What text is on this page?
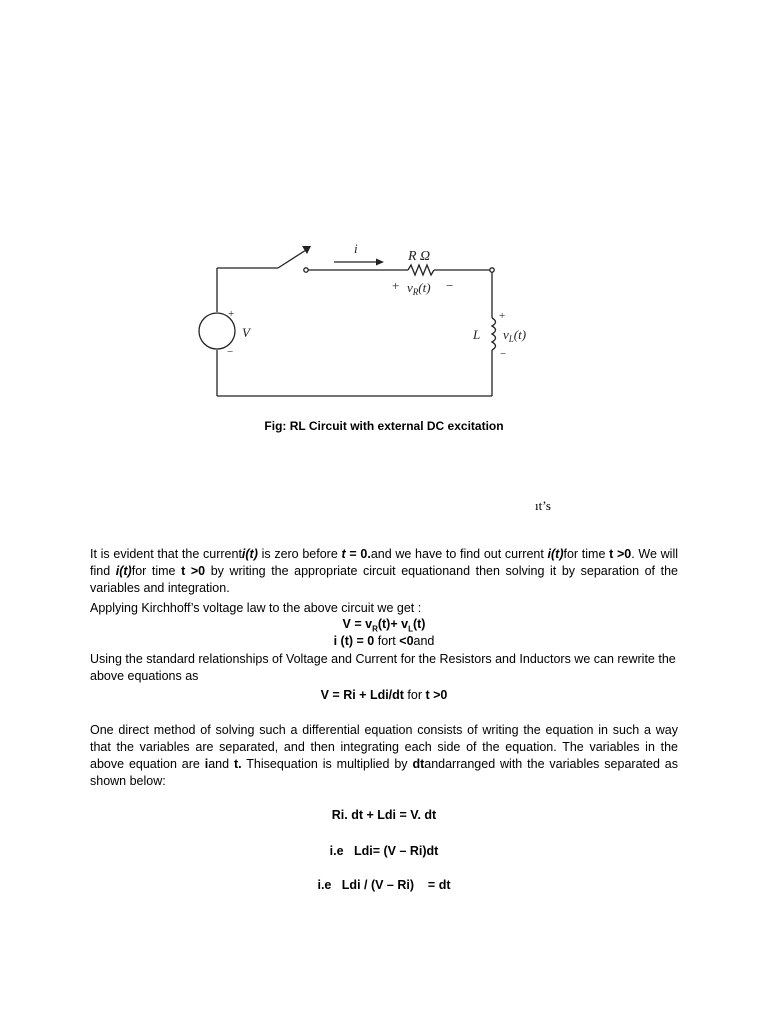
i
R Ω
+ $v_R(t)$ −
+
V
−
L
+
$v_L(t)$
−
Fig: RL Circuit with external DC excitation
ıt’s
It is evident that the currenti(t) is zero before t = 0.and we have to find out current i(t)for time t >0. We will find i(t)for time t >0 by writing the appropriate circuit equationand then solving it by separation of the variables and integration.
Applying Kirchhoff’s voltage law to the above circuit we get :
$V = v_R(t)+ v_L(t)$
i (t) = 0 fort <0and
Using the standard relationships of Voltage and Current for the Resistors and Inductors we can rewrite the above equations as
V = Ri + Ldi/dt for t >0
One direct method of solving such a differential equation consists of writing the equation in such a way that the variables are separated, and then integrating each side of the equation. The variables in the above equation are iand t. Thisequation is multiplied by dtandarranged with the variables separated as shown below:
Ri. dt + Ldi = V. dt
i.e   Ldi= (V – Ri)dt
i.e   Ldi / (V – Ri)    = dt
